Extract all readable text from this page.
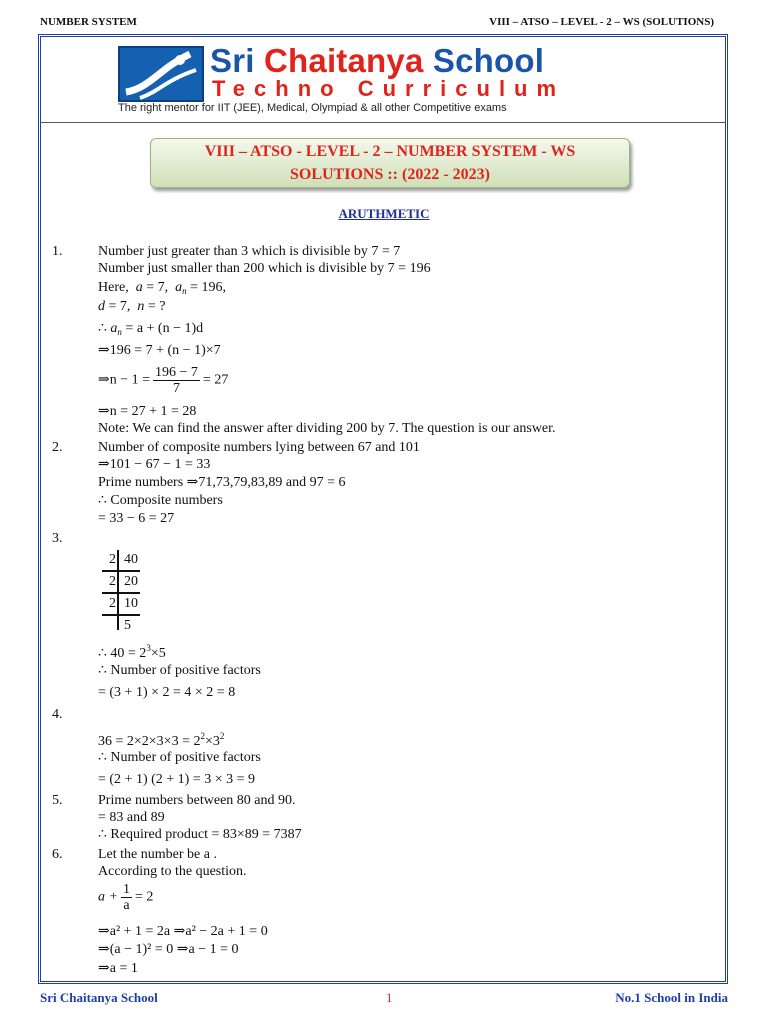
NUMBER SYSTEM	VIII – ATSO – LEVEL - 2 – WS (SOLUTIONS)
Sri Chaitanya School
Techno Curriculum
The right mentor for IIT (JEE), Medical, Olympiad & all other Competitive exams
VIII – ATSO - LEVEL - 2 – NUMBER SYSTEM - WS
SOLUTIONS :: (2022 - 2023)
ARUTHMETIC
1.	Number just greater than 3 which is divisible by 7 = 7
Number just smaller than 200 which is divisible by 7 = 196
Here, a = 7, $a_n = 196$,
d = 7, n = ?
∴ $a_n = a + (n - 1)d$
⇒196 = 7 + (n − 1)×7
⇒n − $1 = \frac{196 - 7}{7} = 27$
⇒n = 27 + 1 = 28
Note: We can find the answer after dividing 200 by 7. The question is our answer.
2.	Number of composite numbers lying between 67 and 101
⇒101 − 67 − 1 = 33
Prime numbers ⇒71,73,79,83,89 and 97 = 6
∴ Composite numbers
= 33 − 6 = 27
3.
2 40
2 20
2 10
5
∴ $40 = 2^3\times 5$
∴ Number of positive factors
= (3 + 1) × 2 = 4 × 2 = 8
4.
$36 = 2\times 2\times 3\times 3 = 2^2\times 3^2$
∴ Number of positive factors
= (2 + 1) (2 + 1) = 3 × 3 = 9
5.	Prime numbers between 80 and 90.
= 83 and 89
∴ Required product = 83×89 = 7387
6.	Let the number be a .
According to the question.
$a + \frac{1}{a} = 2$
⇒a² + 1 = 2a ⇒a² − 2a + 1 = 0
⇒(a − 1)² = 0 ⇒a − 1 = 0
⇒a = 1
Sri Chaitanya School	1	No.1 School in India
